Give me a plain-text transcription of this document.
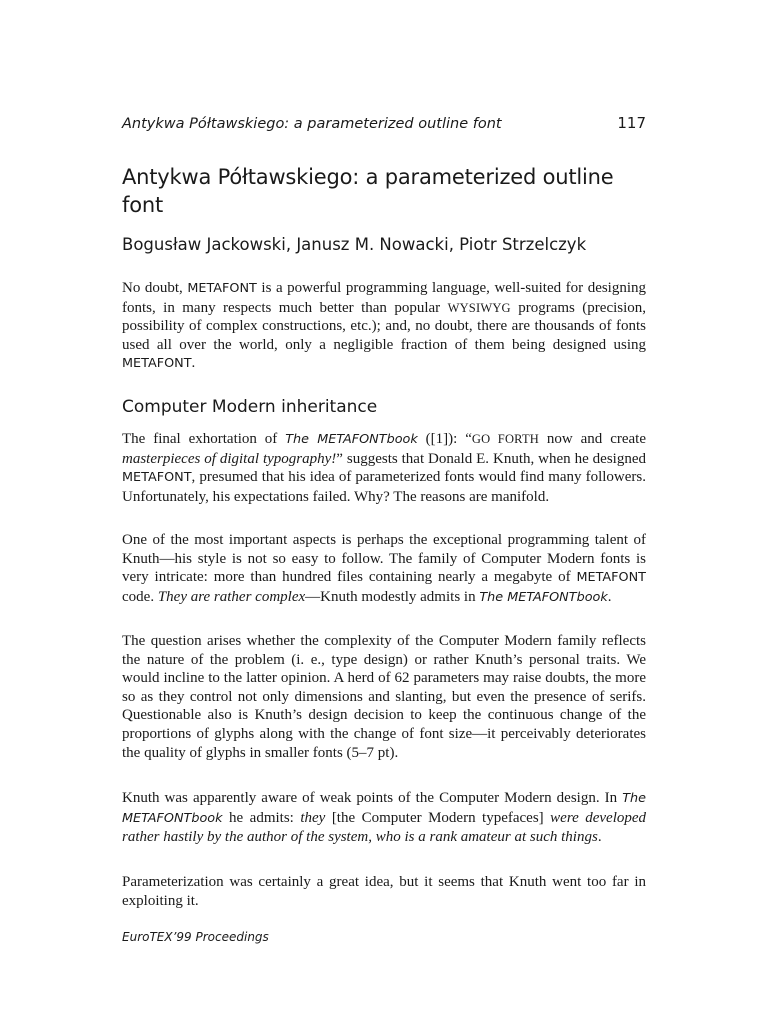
Antykwa Półtawskiego: a parameterized outline font	117
Antykwa Półtawskiego: a parameterized outline font

Bogusław Jackowski, Janusz M. Nowacki, Piotr Strzelczyk

No doubt, METAFONT is a powerful programming language, well-suited for designing fonts, in many respects much better than popular WYSIWYG programs (precision, possibility of complex constructions, etc.); and, no doubt, there are thousands of fonts used all over the world, only a negligible fraction of them being designed using METAFONT.

Computer Modern inheritance

The final exhortation of The METAFONTbook ([1]): “GO FORTH now and create masterpieces of digital typography!” suggests that Donald E. Knuth, when he designed METAFONT, presumed that his idea of parameterized fonts would find many followers. Unfortunately, his expectations failed. Why? The reasons are manifold.

One of the most important aspects is perhaps the exceptional programming talent of Knuth—his style is not so easy to follow. The family of Computer Modern fonts is very intricate: more than hundred files containing nearly a megabyte of METAFONT code. They are rather complex—Knuth modestly admits in The METAFONTbook.

The question arises whether the complexity of the Computer Modern family reflects the nature of the problem (i. e., type design) or rather Knuth’s personal traits. We would incline to the latter opinion. A herd of 62 parameters may raise doubts, the more so as they control not only dimensions and slanting, but even the presence of serifs. Questionable also is Knuth’s design decision to keep the continuous change of the proportions of glyphs along with the change of font size—it perceivably deteriorates the quality of glyphs in smaller fonts (5–7 pt).

Knuth was apparently aware of weak points of the Computer Modern design. In The METAFONTbook he admits: they [the Computer Modern typefaces] were developed rather hastily by the author of the system, who is a rank amateur at such things.

Parameterization was certainly a great idea, but it seems that Knuth went too far in exploiting it.

EuroTEX’99 Proceedings
